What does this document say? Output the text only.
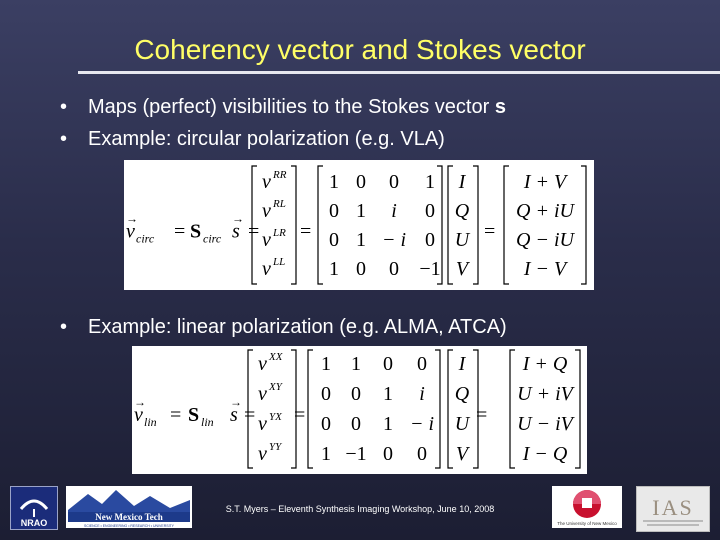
Coherency vector and Stokes vector
• Maps (perfect) visibilities to the Stokes vector s
• Example: circular polarization (e.g. VLA)
• Example: linear polarization (e.g. ALMA, ATCA)
v
→
circ = S circ s
→
=
v RR
v RL
v LR
v LL
=
1 0 0 1
0 1 i 0
0 1 − i 0
1 0 0 −1
I
Q
U
V
=
I + V
Q + iU
Q − iU
I − V
v
→
lin = S lin s
→
=
v XX
v XY
v YX
v YY
=
1 1 0 0
0 0 1 i
0 0 1 − i
1 −1 0 0
I
Q
U
V
=
I + Q
U + iV
U − iV
I − Q
S.T. Myers – Eleventh Synthesis Imaging Workshop, June 10, 2008
NRAO
New Mexico Tech
SCIENCE • ENGINEERING • RESEARCH • UNIVERSITY	The University of New Mexico
IAS
